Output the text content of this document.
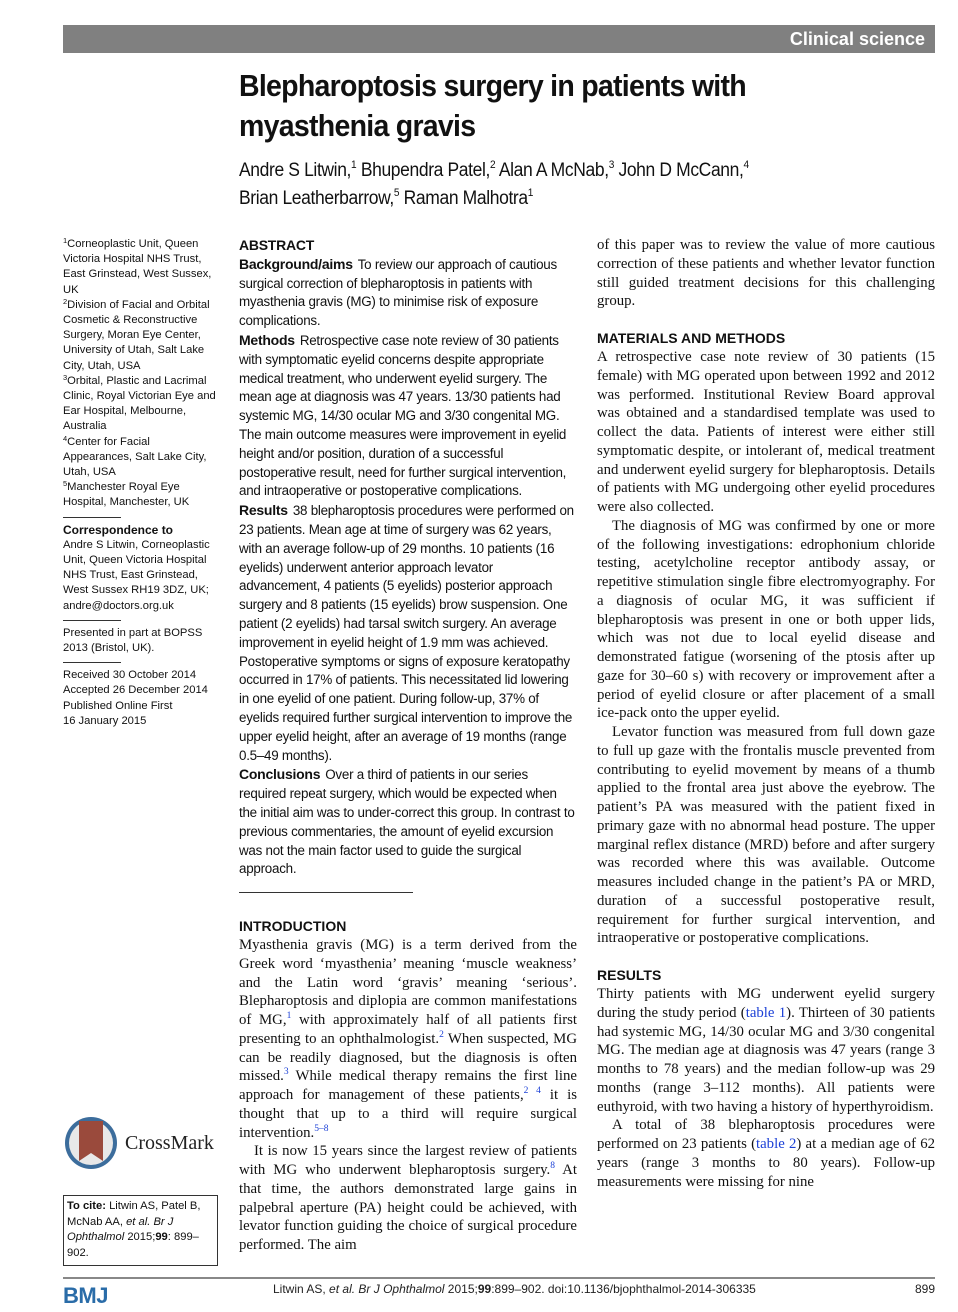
Clinical science
Blepharoptosis surgery in patients with myasthenia gravis
Andre S Litwin,$^1$ Bhupendra Patel,$^2$ Alan A McNab,$^3$ John D McCann,$^4$
Brian Leatherbarrow,$^5$ Raman Malhotra$^1$
$^1$Corneoplastic Unit, Queen Victoria Hospital NHS Trust, East Grinstead, West Sussex, UK
$^2$Division of Facial and Orbital Cosmetic & Reconstructive Surgery, Moran Eye Center, University of Utah, Salt Lake City, Utah, USA
$^3$Orbital, Plastic and Lacrimal Clinic, Royal Victorian Eye and Ear Hospital, Melbourne, Australia
$^4$Center for Facial Appearances, Salt Lake City, Utah, USA
$^5$Manchester Royal Eye Hospital, Manchester, UK
Correspondence to
Andre S Litwin, Corneoplastic Unit, Queen Victoria Hospital NHS Trust, East Grinstead, West Sussex RH19 3DZ, UK; andre@doctors.org.uk
Presented in part at BOPSS 2013 (Bristol, UK).
Received 30 October 2014
Accepted 26 December 2014
Published Online First
16 January 2015
CrossMark
To cite: Litwin AS, Patel B, McNab AA, et al. Br J Ophthalmol 2015;99: 899–902.
ABSTRACT
Background/aims To review our approach of cautious surgical correction of blepharoptosis in patients with myasthenia gravis (MG) to minimise risk of exposure complications.
Methods Retrospective case note review of 30 patients with symptomatic eyelid concerns despite appropriate medical treatment, who underwent eyelid surgery. The mean age at diagnosis was 47 years. 13/30 patients had systemic MG, 14/30 ocular MG and 3/30 congenital MG. The main outcome measures were improvement in eyelid height and/or position, duration of a successful postoperative result, need for further surgical intervention, and intraoperative or postoperative complications.
Results 38 blepharoptosis procedures were performed on 23 patients. Mean age at time of surgery was 62 years, with an average follow-up of 29 months. 10 patients (16 eyelids) underwent anterior approach levator advancement, 4 patients (5 eyelids) posterior approach surgery and 8 patients (15 eyelids) brow suspension. One patient (2 eyelids) had tarsal switch surgery. An average improvement in eyelid height of 1.9 mm was achieved. Postoperative symptoms or signs of exposure keratopathy occurred in 17% of patients. This necessitated lid lowering in one eyelid of one patient. During follow-up, 37% of eyelids required further surgical intervention to improve the upper eyelid height, after an average of 19 months (range 0.5–49 months).
Conclusions Over a third of patients in our series required repeat surgery, which would be expected when the initial aim was to under-correct this group. In contrast to previous commentaries, the amount of eyelid excursion was not the main factor used to guide the surgical approach.
INTRODUCTION

Myasthenia gravis (MG) is a term derived from the Greek word ‘myasthenia’ meaning ‘muscle weakness’ and the Latin word ‘gravis’ meaning ‘serious’. Blepharoptosis and diplopia are common manifestations of MG,$^1$ with approximately half of all patients first presenting to an ophthalmologist.$^2$ When suspected, MG can be readily diagnosed, but the diagnosis is often missed.$^3$ While medical therapy remains the first line approach for management of these patients,$^{2 4}$ it is thought that up to a third will require surgical intervention.$^{5-8}$

It is now 15 years since the largest review of patients with MG who underwent blepharoptosis surgery.$^8$ At that time, the authors demonstrated large gains in palpebral aperture (PA) height could be achieved, with levator function guiding the choice of surgical procedure performed. The aim

of this paper was to review the value of more cautious correction of these patients and whether levator function still guided treatment decisions for this challenging group.

MATERIALS AND METHODS

A retrospective case note review of 30 patients (15 female) with MG operated upon between 1992 and 2012 was performed. Institutional Review Board approval was obtained and a standardised template was used to collect the data. Patients of interest were either still symptomatic despite, or intolerant of, medical treatment and underwent eyelid surgery for blepharoptosis. Details of patients with MG undergoing other eyelid procedures were also collected.

The diagnosis of MG was confirmed by one or more of the following investigations: edrophonium chloride testing, acetylcholine receptor antibody assay, or repetitive stimulation single fibre electromyography. For a diagnosis of ocular MG, it was sufficient if blepharoptosis was present in one or both upper lids, which was not due to local eyelid disease and demonstrated fatigue (worsening of the ptosis after up gaze for 30–60 s) with recovery or improvement after a period of eyelid closure or after placement of a small ice-pack onto the upper eyelid.

Levator function was measured from full down gaze to full up gaze with the frontalis muscle prevented from contributing to eyelid movement by means of a thumb applied to the frontal area just above the eyebrow. The patient’s PA was measured with the patient fixed in primary gaze with no abnormal head posture. The upper marginal reflex distance (MRD) before and after surgery was recorded where this was available. Outcome measures included change in the patient’s PA or MRD, duration of a successful postoperative result, requirement for further surgical intervention, and intraoperative or postoperative complications.

RESULTS

Thirty patients with MG underwent eyelid surgery during the study period (table 1). Thirteen of 30 patients had systemic MG, 14/30 ocular MG and 3/30 congenital MG. The median age at diagnosis was 47 years (range 3 months to 78 years) and the median follow-up was 29 months (range 3–112 months). All patients were euthyroid, with two having a history of hyperthyroidism.

A total of 38 blepharoptosis procedures were performed on 23 patients (table 2) at a median age of 62 years (range 3 months to 80 years). Follow-up measurements were missing for nine

BMJ	Litwin AS, et al. Br J Ophthalmol 2015;99:899–902. doi:10.1136/bjophthalmol-2014-306335	899
